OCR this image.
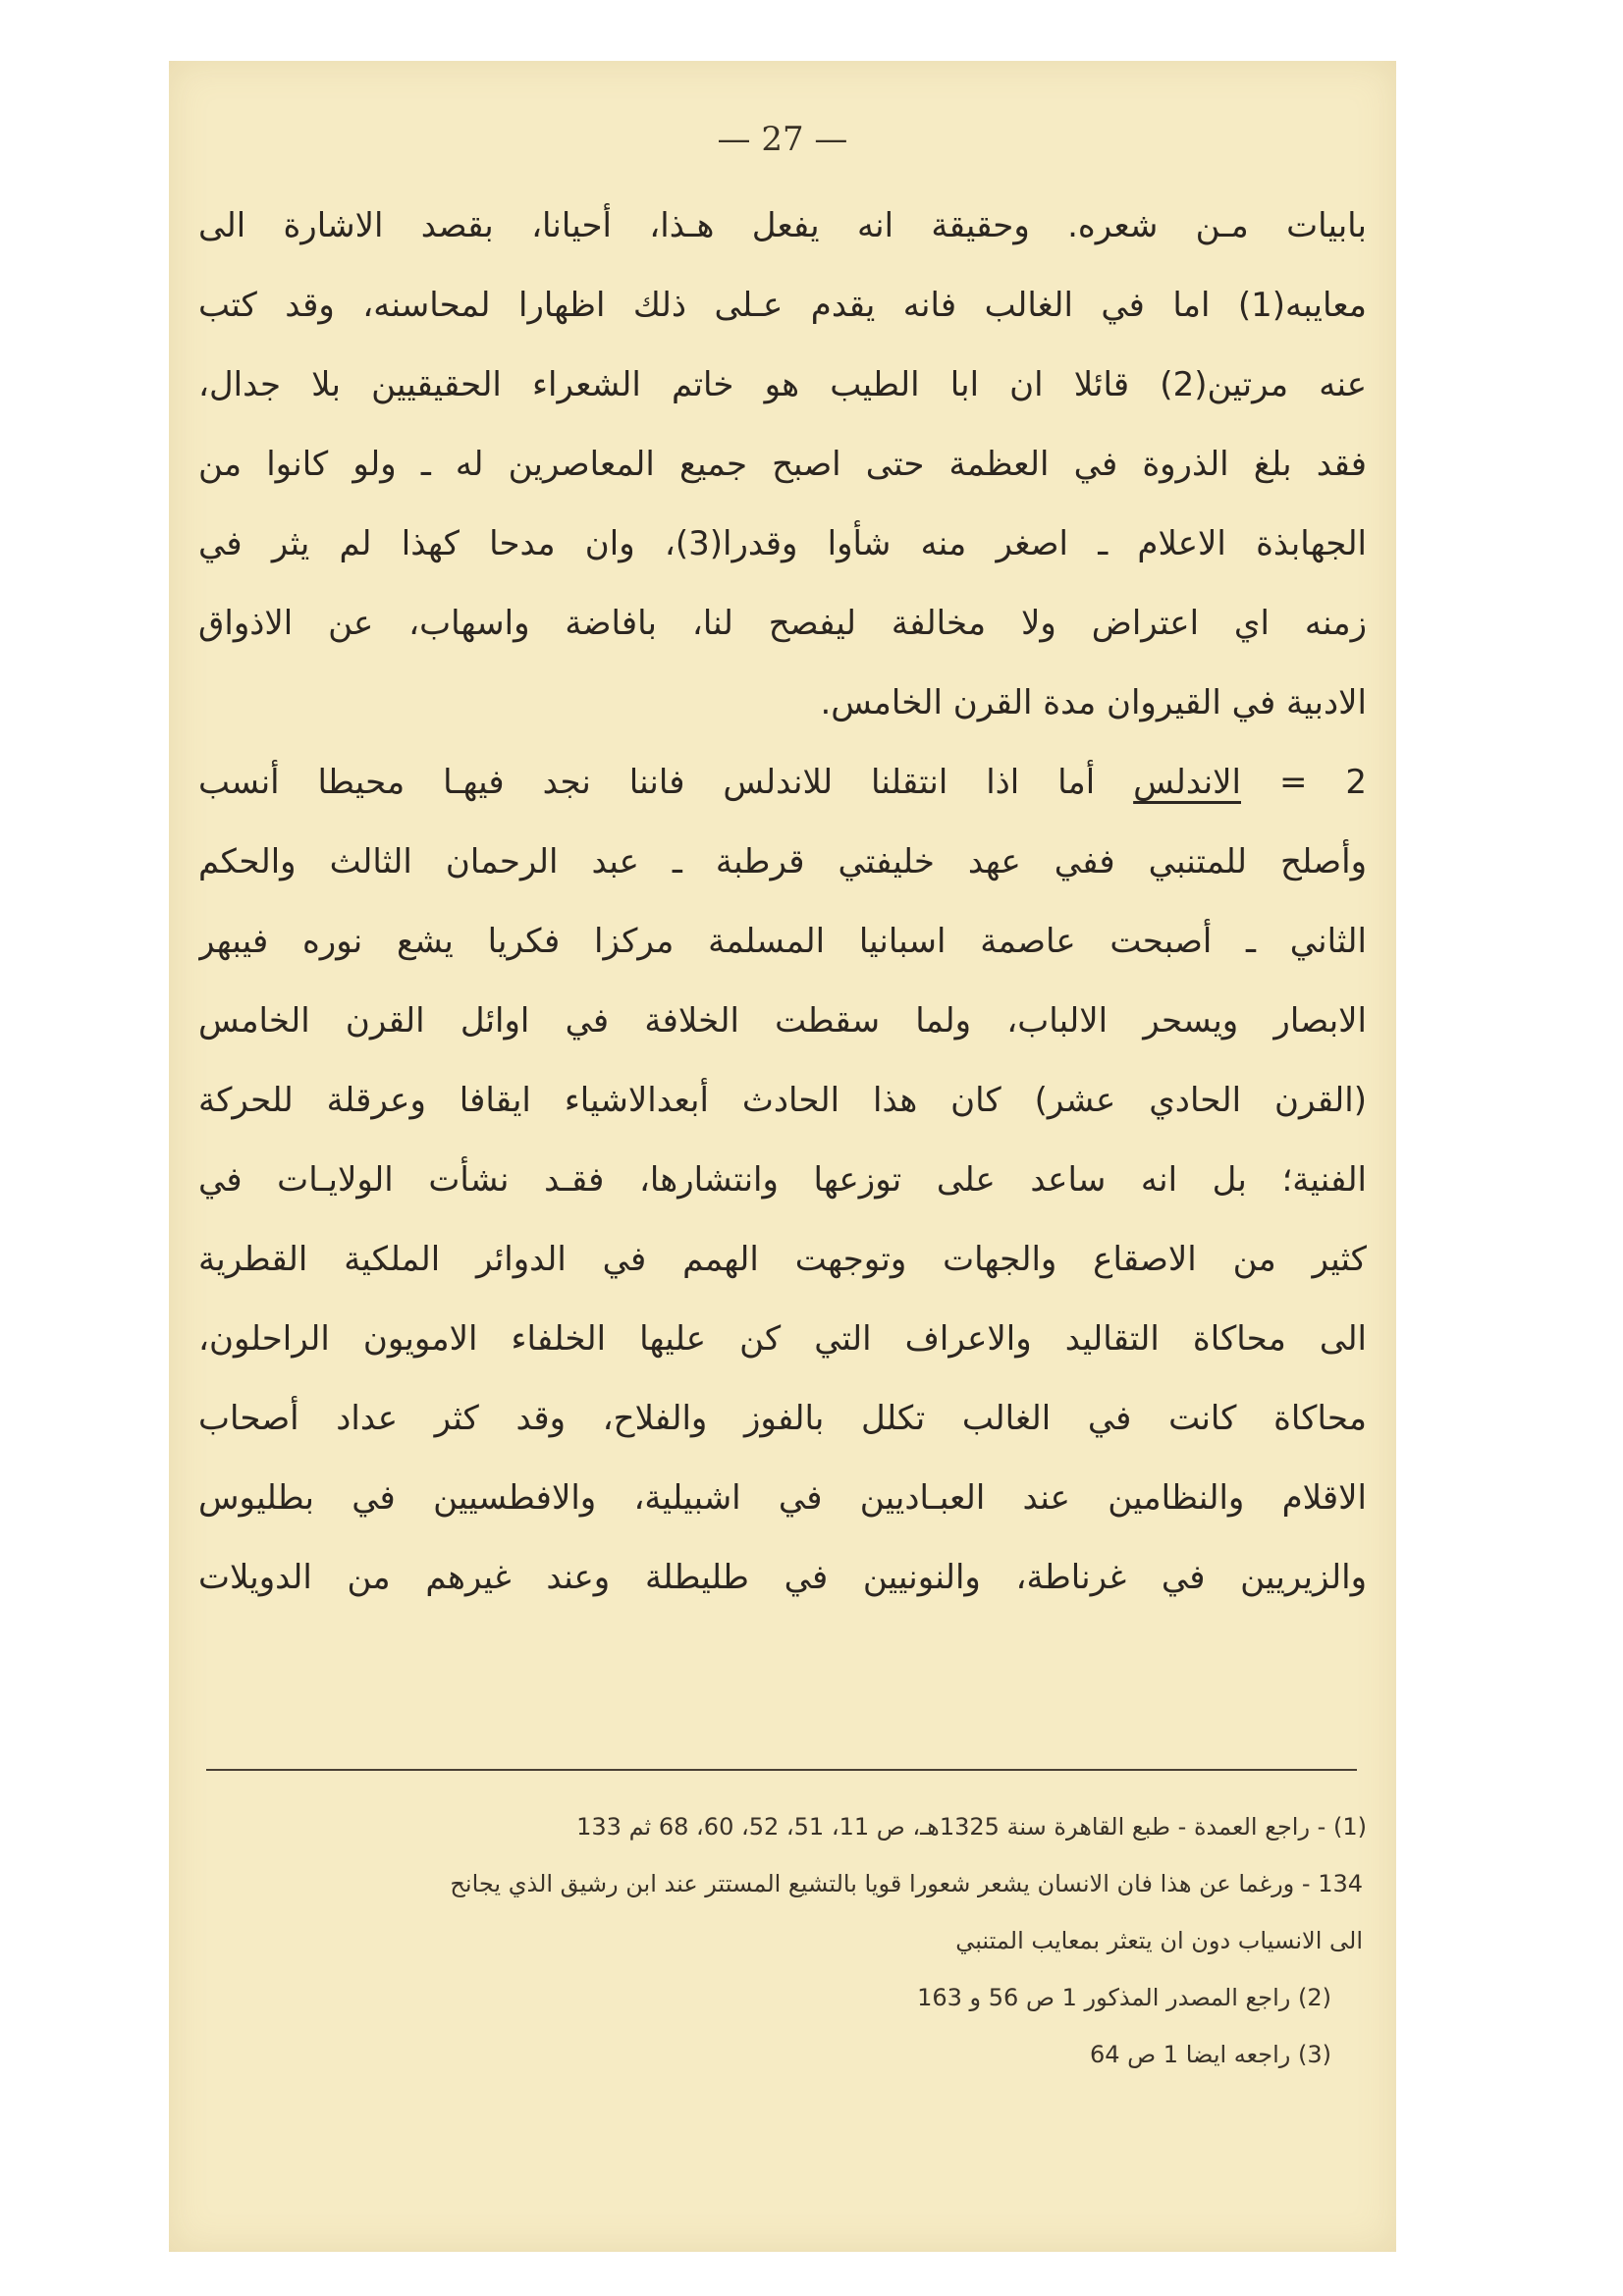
— 27 —
بابيات مـن شعره. وحقيقة انه يفعل هـذا، أحيانا، بقصد الاشارة الى
معايبه(1) اما في الغالب فانه يقدم عـلى ذلك اظهارا لمحاسنه، وقد كتب
عنه مرتين(2) قائلا ان ابا الطيب هو خاتم الشعراء الحقيقيين بلا جدال،
فقد بلغ الذروة في العظمة حتى اصبح جميع المعاصرين له ـ ولو كانوا من
الجهابذة الاعلام ـ اصغر منه شأوا وقدرا(3)، وان مدحا كهذا لم يثر في
زمنه اي اعتراض ولا مخالفة ليفصح لنا، بافاضة واسهاب، عن الاذواق
الادبية في القيروان مدة القرن الخامس.
2 = الاندلس أما اذا انتقلنا للاندلس فاننا نجد فيهـا محيطا أنسب
وأصلح للمتنبي ففي عهد خليفتي قرطبة ـ عبد الرحمان الثالث والحكم
الثاني ـ أصبحت عاصمة اسبانيا المسلمة مركزا فكريا يشع نوره فيبهر
الابصار ويسحر الالباب، ولما سقطت الخلافة في اوائل القرن الخامس
(القرن الحادي عشر) كان هذا الحادث أبعدالاشياء ايقافا وعرقلة للحركة
الفنية؛ بل انه ساعد على توزعها وانتشارها، فقـد نشأت الولايـات في
كثير من الاصقاع والجهات وتوجهت الهمم في الدوائر الملكية القطرية
الى محاكاة التقاليد والاعراف التي كن عليها الخلفاء الامويون الراحلون،
محاكاة كانت في الغالب تكلل بالفوز والفلاح، وقد كثر عداد أصحاب
الاقلام والنظامين عند العبـاديين في اشبيلية، والافطسيين في بطليوس
والزيريين في غرناطة، والنونيين في طليطلة وعند غيرهم من الدويلات
(1) - راجع العمدة - طبع القاهرة سنة 1325هـ، ص 11، 51، 52، 60، 68 ثم 133
134 - ورغما عن هذا فان الانسان يشعر شعورا قويا بالتشيع المستتر عند ابن رشيق الذي يجانح
الى الانسياب دون ان يتعثر بمعايب المتنبي
(2) راجع المصدر المذكور 1 ص 56 و 163
(3) راجعه ايضا 1 ص 64
